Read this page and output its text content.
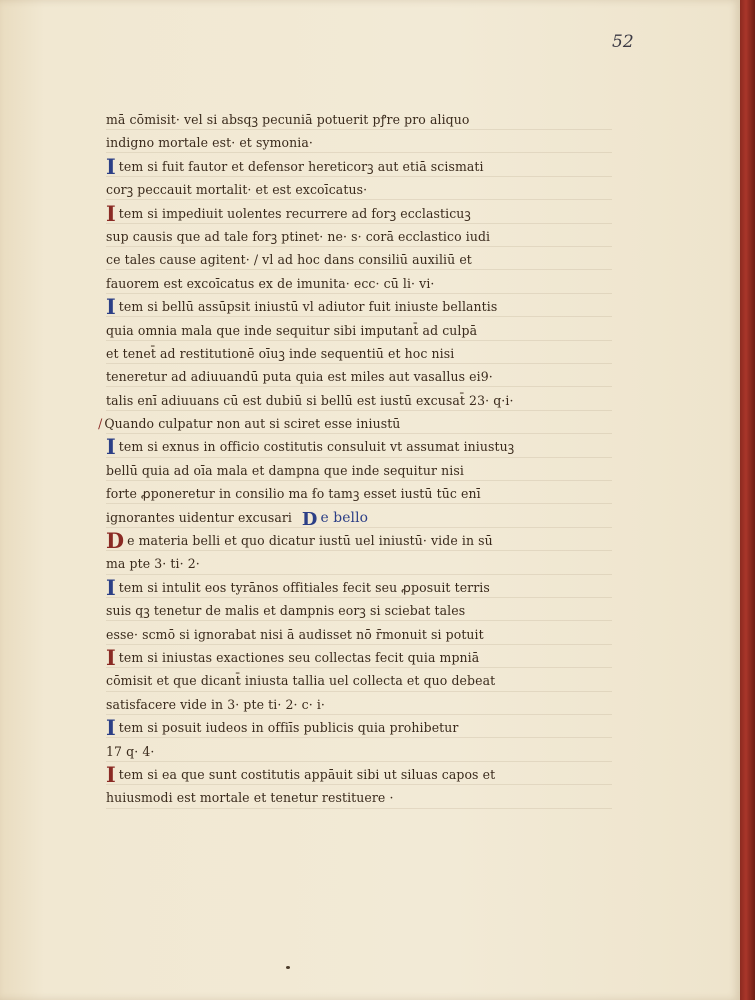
52
mā cōmisit· vel si absqꝫ pecuniā potuerit pꝭre pro aliquo
indigno mortale est· et symonia·
I tem si fuit fautor et defensor hereticorꝫ aut etiā scismati
corꝫ peccauit mortalit· et est excoīcatus·
I tem si impediuit uolentes recurrere ad forꝫ ecclasticuꝫ
sup causis que ad tale forꝫ ptinet· ne· s· corā ecclastico iudi
ce tales cause agitent· / vl ad hoc dans consiliū auxiliū et
fauorem est excoīcatus ex de imunita· ecc· cū li· vi·
I tem si bellū assūpsit iniustū vl adiutor fuit iniuste bellantis
quia omnia mala que inde sequitur sibi imputant̄ ad culpā
et tenet̄ ad restitutionē oīuꝫ inde sequentiū et hoc nisi
teneretur ad adiuuandū puta quia est miles aut vasallus ei9·
talis enī adiuuans cū est dubiū si bellū est iustū excusat̄ 23· q·i·
/ Quando culpatur non aut si sciret esse iniustū
I tem si exnus in officio costitutis consuluit vt assumat iniustuꝫ
bellū quia ad oīa mala et dampna que inde sequitur nisi
forte ꝓponeretur in consilio ma ẜo tamꝫ esset iustū tūc enī
ignorantes uidentur excusari D e bello
D e materia belli et quo dicatur iustū uel iniustū· vide in sū
ma pte 3· ti· 2·
I tem si intulit eos tyrānos offitiales fecit seu ꝓposuit terris
suis qꝫ tenetur de malis et dampnis eorꝫ si sciebat tales
esse· scmō si ignorabat nisi ā audisset nō r̄monuit si potuit
I tem si iniustas exactiones seu collectas fecit quia mpniā
cōmisit et que dicant̄ iniusta tallia uel collecta et quo debeat
satisfacere vide in 3· pte ti· 2· c· i·
I tem si posuit iudeos in offiīs publicis quia prohibetur
17 q· 4·
I tem si ea que sunt costitutis appāuit sibi ut siluas capos et
huiusmodi est mortale et tenetur restituere ·
